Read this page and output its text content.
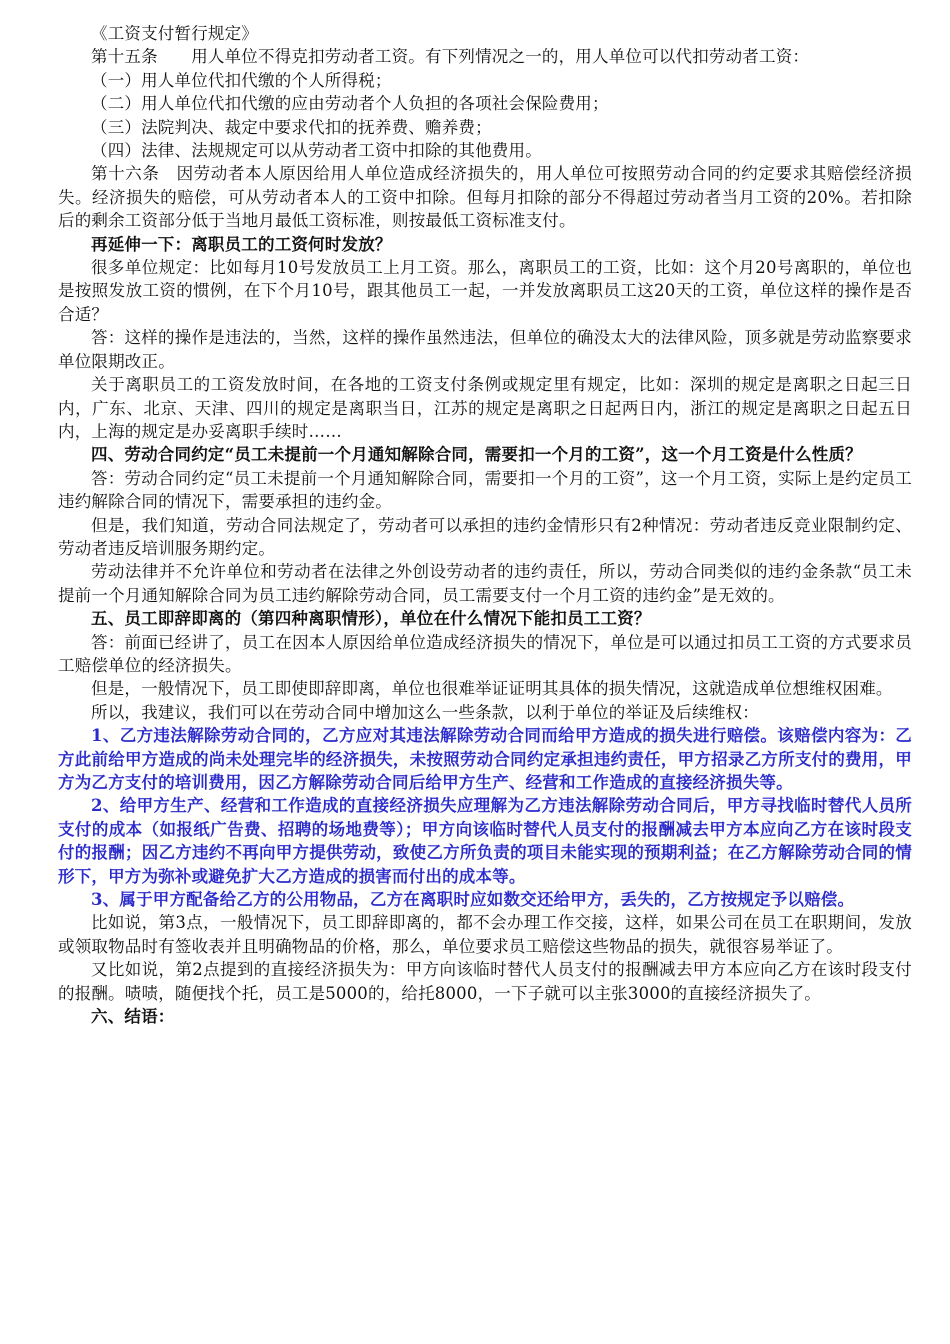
《工资支付暂行规定》

第十五条　　用人单位不得克扣劳动者工资。有下列情况之一的，用人单位可以代扣劳动者工资：

（一）用人单位代扣代缴的个人所得税；

（二）用人单位代扣代缴的应由劳动者个人负担的各项社会保险费用；

（三）法院判决、裁定中要求代扣的抚养费、赡养费；

（四）法律、法规规定可以从劳动者工资中扣除的其他费用。

第十六条　因劳动者本人原因给用人单位造成经济损失的，用人单位可按照劳动合同的约定要求其赔偿经济损失。经济损失的赔偿，可从劳动者本人的工资中扣除。但每月扣除的部分不得超过劳动者当月工资的20%。若扣除后的剩余工资部分低于当地月最低工资标准，则按最低工资标准支付。

再延伸一下：离职员工的工资何时发放？

很多单位规定：比如每月10号发放员工上月工资。那么，离职员工的工资，比如：这个月20号离职的，单位也是按照发放工资的惯例，在下个月10号，跟其他员工一起，一并发放离职员工这20天的工资，单位这样的操作是否合适？

答：这样的操作是违法的，当然，这样的操作虽然违法，但单位的确没太大的法律风险，顶多就是劳动监察要求单位限期改正。

关于离职员工的工资发放时间，在各地的工资支付条例或规定里有规定，比如：深圳的规定是离职之日起三日内，广东、北京、天津、四川的规定是离职当日，江苏的规定是离职之日起两日内，浙江的规定是离职之日起五日内，上海的规定是办妥离职手续时……

四、劳动合同约定“员工未提前一个月通知解除合同，需要扣一个月的工资”，这一个月工资是什么性质？

答：劳动合同约定“员工未提前一个月通知解除合同，需要扣一个月的工资”，这一个月工资，实际上是约定员工违约解除合同的情况下，需要承担的违约金。

但是，我们知道，劳动合同法规定了，劳动者可以承担的违约金情形只有2种情况：劳动者违反竞业限制约定、劳动者违反培训服务期约定。

劳动法律并不允许单位和劳动者在法律之外创设劳动者的违约责任，所以，劳动合同类似的违约金条款“员工未提前一个月通知解除合同为员工违约解除劳动合同，员工需要支付一个月工资的违约金”是无效的。

五、员工即辞即离的（第四种离职情形），单位在什么情况下能扣员工工资？

答：前面已经讲了，员工在因本人原因给单位造成经济损失的情况下，单位是可以通过扣员工工资的方式要求员工赔偿单位的经济损失。

但是，一般情况下，员工即使即辞即离，单位也很难举证证明其具体的损失情况，这就造成单位想维权困难。

所以，我建议，我们可以在劳动合同中增加这么一些条款，以利于单位的举证及后续维权：

1、乙方违法解除劳动合同的，乙方应对其违法解除劳动合同而给甲方造成的损失进行赔偿。该赔偿内容为：乙方此前给甲方造成的尚未处理完毕的经济损失，未按照劳动合同约定承担违约责任，甲方招录乙方所支付的费用，甲方为乙方支付的培训费用，因乙方解除劳动合同后给甲方生产、经营和工作造成的直接经济损失等。

2、给甲方生产、经营和工作造成的直接经济损失应理解为乙方违法解除劳动合同后，甲方寻找临时替代人员所支付的成本（如报纸广告费、招聘的场地费等）；甲方向该临时替代人员支付的报酬减去甲方本应向乙方在该时段支付的报酬；因乙方违约不再向甲方提供劳动，致使乙方所负责的项目未能实现的预期利益；在乙方解除劳动合同的情形下，甲方为弥补或避免扩大乙方造成的损害而付出的成本等。

3、属于甲方配备给乙方的公用物品，乙方在离职时应如数交还给甲方，丢失的，乙方按规定予以赔偿。

比如说，第3点，一般情况下，员工即辞即离的，都不会办理工作交接，这样，如果公司在员工在职期间，发放或领取物品时有签收表并且明确物品的价格，那么，单位要求员工赔偿这些物品的损失，就很容易举证了。

又比如说，第2点提到的直接经济损失为：甲方向该临时替代人员支付的报酬减去甲方本应向乙方在该时段支付的报酬。啧啧，随便找个托，员工是5000的，给托8000，一下子就可以主张3000的直接经济损失了。

六、结语：
